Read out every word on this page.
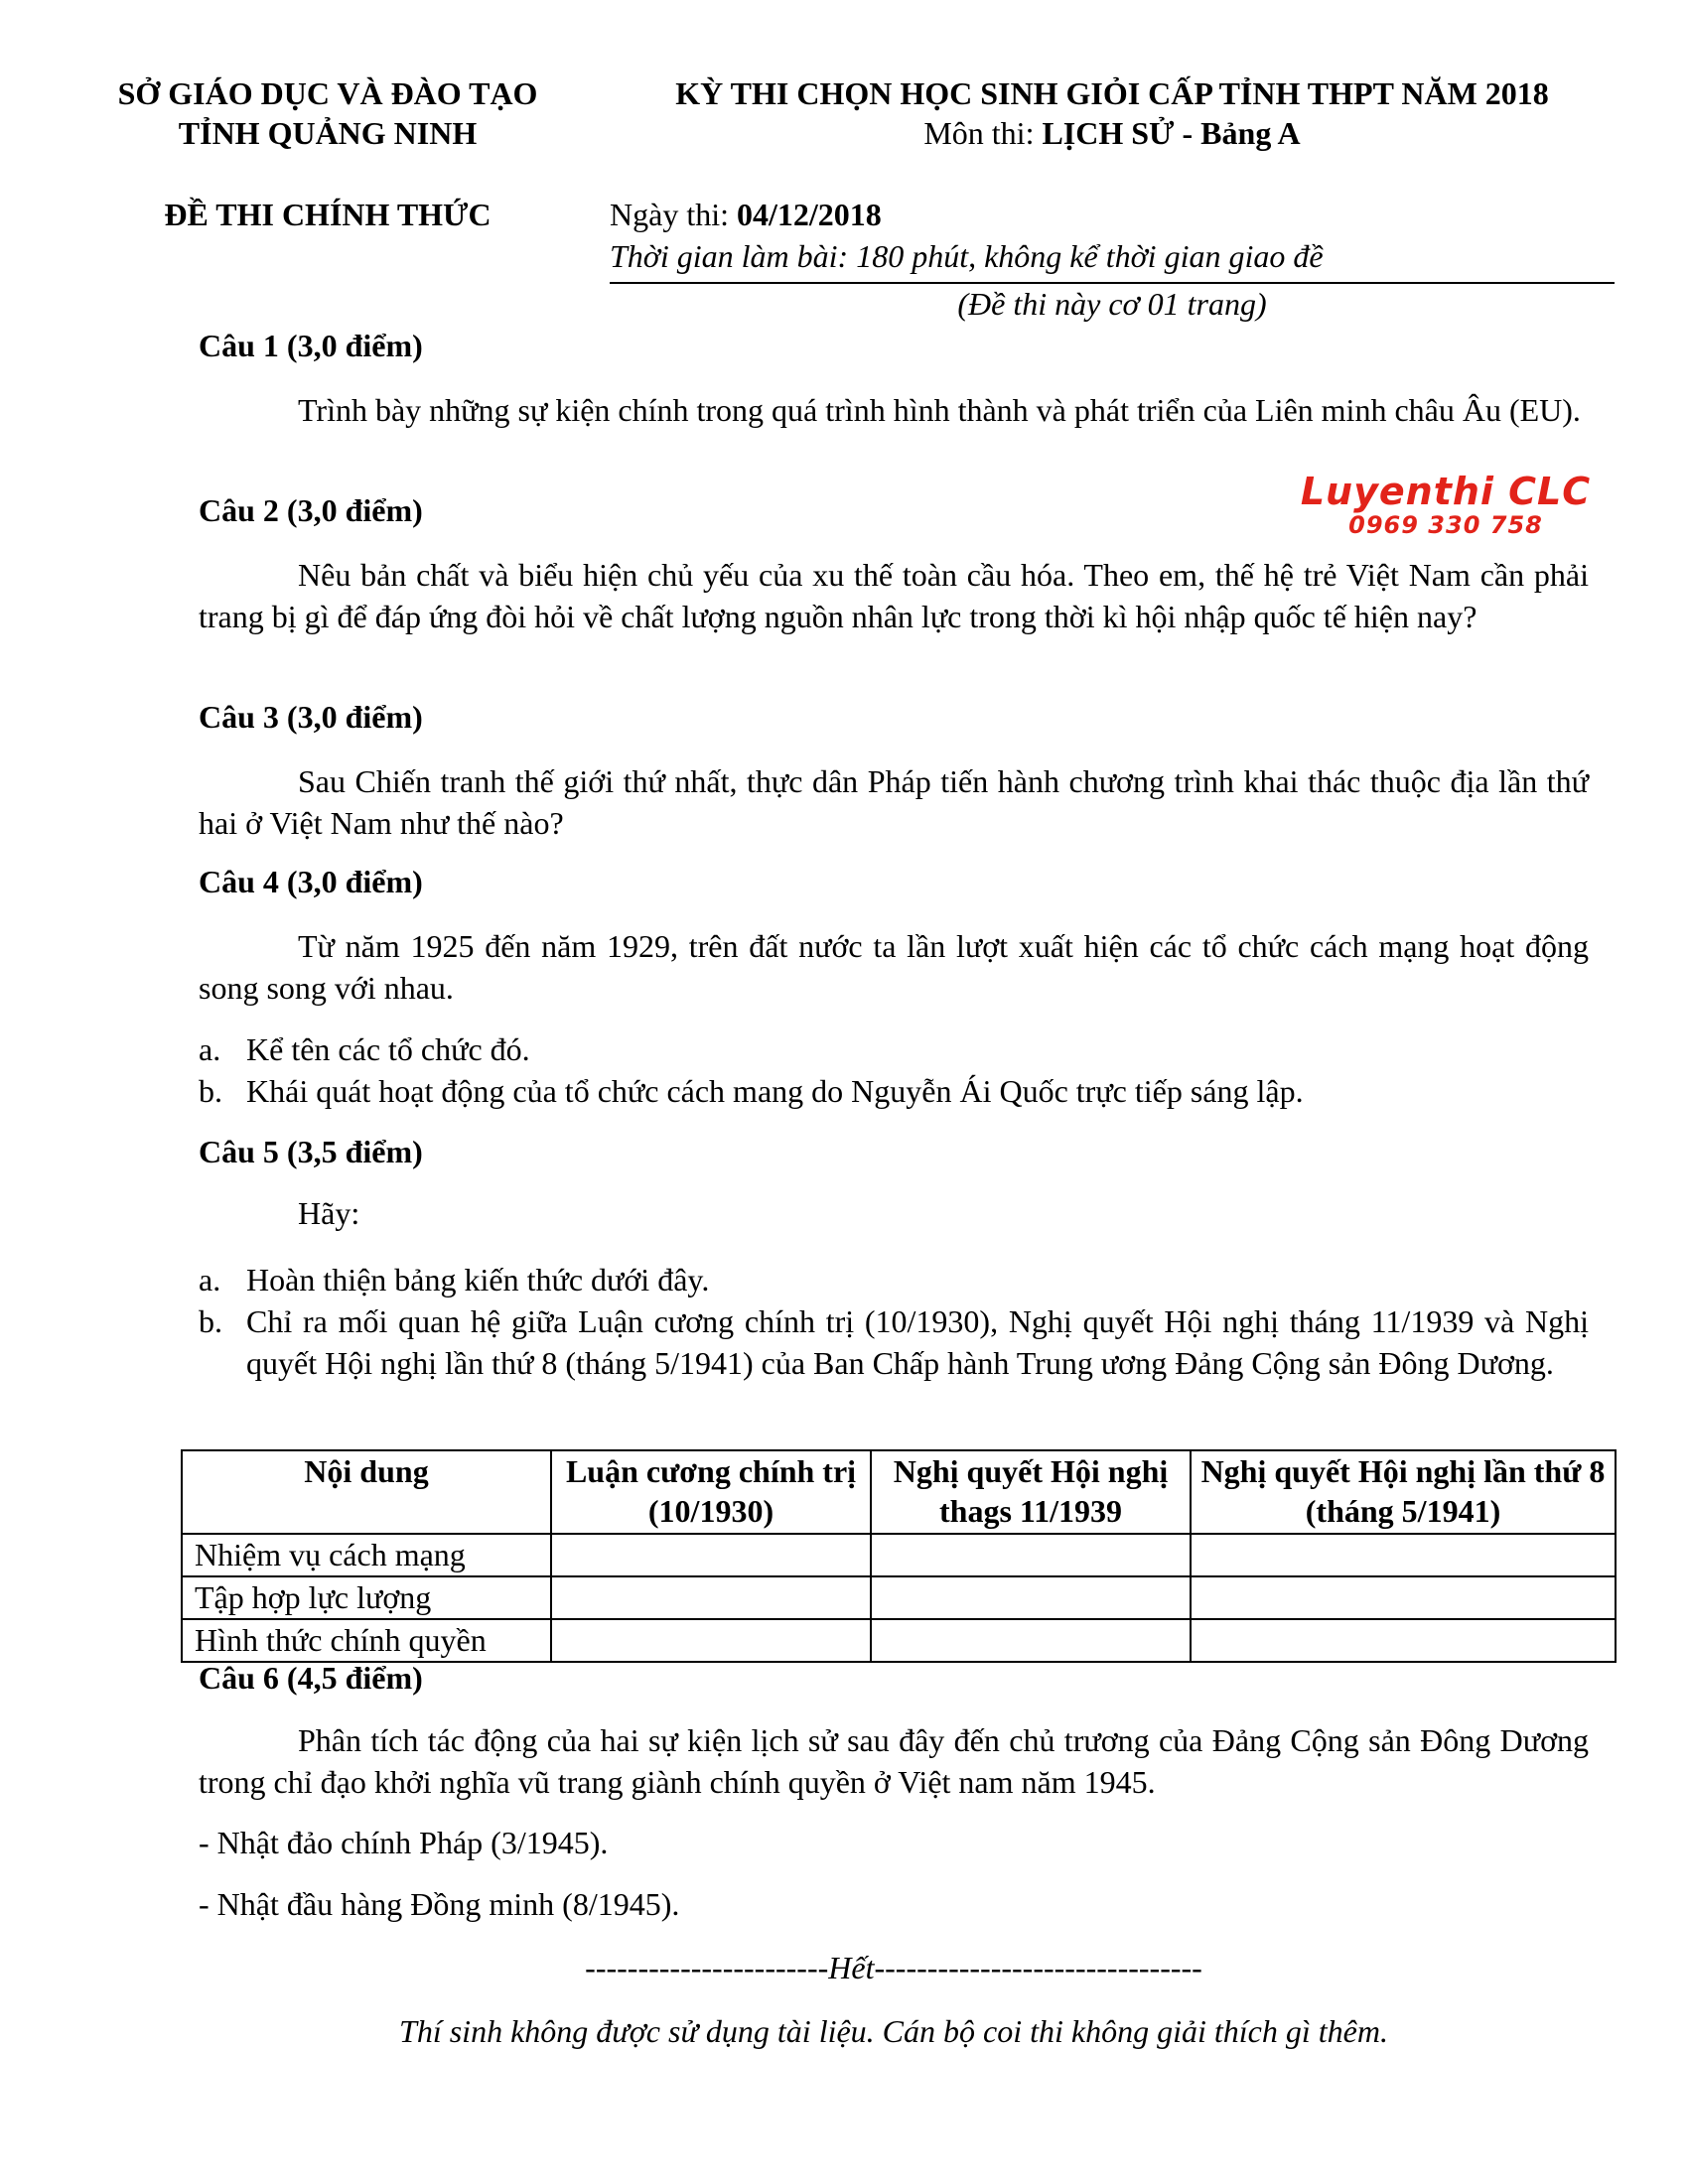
SỞ GIÁO DỤC VÀ ĐÀO TẠO
TỈNH QUẢNG NINH
KỲ THI CHỌN HỌC SINH GIỎI CẤP TỈNH THPT NĂM 2018
Môn thi: LỊCH SỬ - Bảng A
ĐỀ THI CHÍNH THỨC	Ngày thi: 04/12/2018
Thời gian làm bài: 180 phút, không kể thời gian giao đề
(Đề thi này cơ 01 trang)
Luyenthi CLC
0969 330 758
Câu 1 (3,0 điểm)
Trình bày những sự kiện chính trong quá trình hình thành và phát triển của Liên minh châu Âu (EU).
Câu 2 (3,0 điểm)
Nêu bản chất và biểu hiện chủ yếu của xu thế toàn cầu hóa. Theo em, thế hệ trẻ Việt Nam cần phải trang bị gì để đáp ứng đòi hỏi về chất lượng nguồn nhân lực trong thời kì hội nhập quốc tế hiện nay?
Câu 3 (3,0 điểm)
Sau Chiến tranh thế giới thứ nhất, thực dân Pháp tiến hành chương trình khai thác thuộc địa lần thứ hai ở Việt Nam như thế nào?
Câu 4 (3,0 điểm)
Từ năm 1925 đến năm 1929, trên đất nước ta lần lượt xuất hiện các tổ chức cách mạng hoạt động song song với nhau.
a. Kể tên các tổ chức đó.
b. Khái quát hoạt động của tổ chức cách mang do Nguyễn Ái Quốc trực tiếp sáng lập.
Câu 5 (3,5 điểm)
Hãy:
a. Hoàn thiện bảng kiến thức dưới đây.
b. Chỉ ra mối quan hệ giữa Luận cương chính trị (10/1930), Nghị quyết Hội nghị tháng 11/1939 và Nghị quyết Hội nghị lần thứ 8 (tháng 5/1941) của Ban Chấp hành Trung ương Đảng Cộng sản Đông Dương.
Nội dung	Luận cương chính trị (10/1930)	Nghị quyết Hội nghị thags 11/1939	Nghị quyết Hội nghị lần thứ 8 (tháng 5/1941)
Nhiệm vụ cách mạng			
Tập hợp lực lượng			
Hình thức chính quyền			
Câu 6 (4,5 điểm)
Phân tích tác động của hai sự kiện lịch sử sau đây đến chủ trương của Đảng Cộng sản Đông Dương trong chỉ đạo khởi nghĩa vũ trang giành chính quyền ở Việt nam năm 1945.
- Nhật đảo chính Pháp (3/1945).
- Nhật đầu hàng Đồng minh (8/1945).
-----------------------Hết-------------------------------
Thí sinh không được sử dụng tài liệu. Cán bộ coi thi không giải thích gì thêm.
